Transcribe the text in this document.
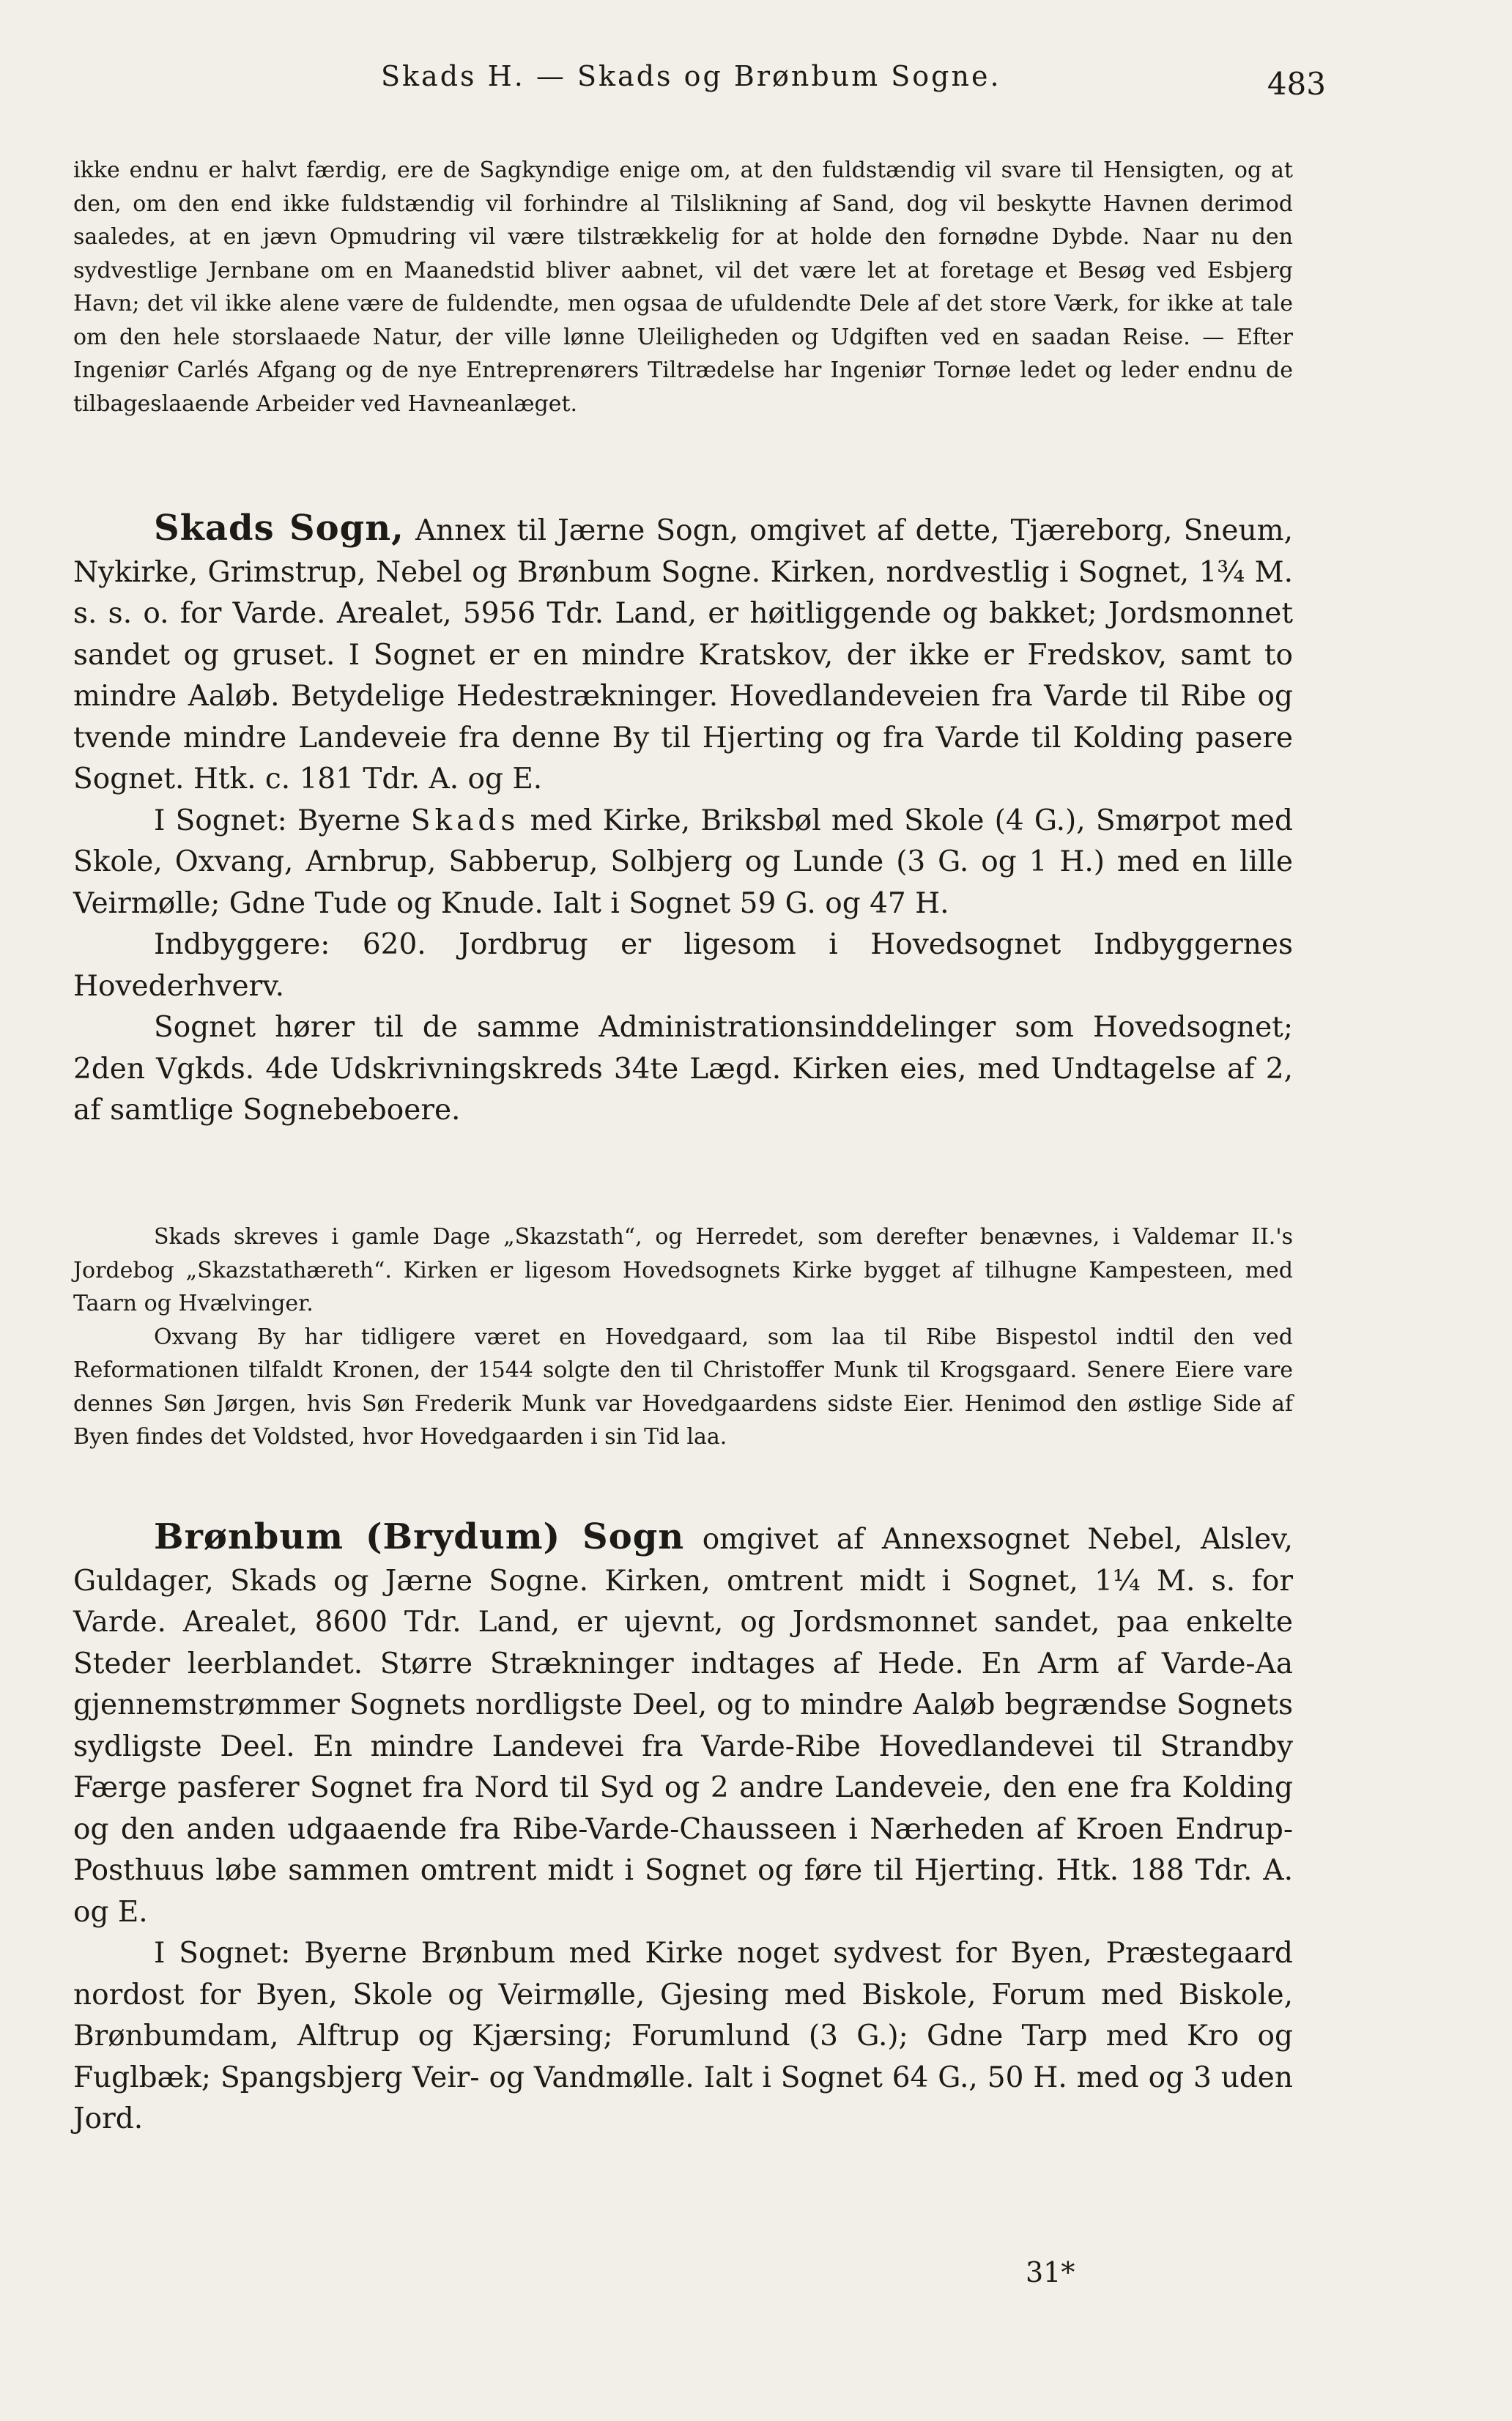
Skads H. — Skads og Brønbum Sogne.	483

ikke endnu er halvt færdig, ere de Sagkyndige enige om, at den fuldstændig vil svare til Hensigten, og at den, om den end ikke fuldstændig vil forhindre al Tilslikning af Sand, dog vil beskytte Havnen derimod saaledes, at en jævn Opmudring vil være tilstrækkelig for at holde den fornødne Dybde. Naar nu den sydvestlige Jernbane om en Maanedstid bliver aabnet, vil det være let at foretage et Besøg ved Esbjerg Havn; det vil ikke alene være de fuldendte, men ogsaa de ufuldendte Dele af det store Værk, for ikke at tale om den hele storslaaede Natur, der ville lønne Uleiligheden og Udgiften ved en saadan Reise. — Efter Ingeniør Carlés Afgang og de nye Entreprenørers Tiltrædelse har Ingeniør Tornøe ledet og leder endnu de tilbageslaaende Arbeider ved Havneanlæget.

Skads Sogn, Annex til Jærne Sogn, omgivet af dette, Tjæreborg, Sneum, Nykirke, Grimstrup, Nebel og Brønbum Sogne. Kirken, nordvestlig i Sognet, 1¾ M. s. s. o. for Varde. Arealet, 5956 Tdr. Land, er høitliggende og bakket; Jordsmonnet sandet og gruset. I Sognet er en mindre Kratskov, der ikke er Fredskov, samt to mindre Aaløb. Betydelige Hedestrækninger. Hovedlandeveien fra Varde til Ribe og tvende mindre Landeveie fra denne By til Hjerting og fra Varde til Kolding pasere Sognet. Htk. c. 181 Tdr. A. og E.

I Sognet: Byerne Skads med Kirke, Briksbøl med Skole (4 G.), Smørpot med Skole, Oxvang, Arnbrup, Sabberup, Solbjerg og Lunde (3 G. og 1 H.) med en lille Veirmølle; Gdne Tude og Knude. Ialt i Sognet 59 G. og 47 H.

Indbyggere: 620. Jordbrug er ligesom i Hovedsognet Indbyggernes Hovederhverv.

Sognet hører til de samme Administrationsinddelinger som Hovedsognet; 2den Vgkds. 4de Udskrivningskreds 34te Lægd. Kirken eies, med Undtagelse af 2, af samtlige Sognebeboere.

Skads skreves i gamle Dage „Skazstath“, og Herredet, som derefter benævnes, i Valdemar II.'s Jordebog „Skazstathæreth“. Kirken er ligesom Hovedsognets Kirke bygget af tilhugne Kampesteen, med Taarn og Hvælvinger.

Oxvang By har tidligere været en Hovedgaard, som laa til Ribe Bispestol indtil den ved Reformationen tilfaldt Kronen, der 1544 solgte den til Christoffer Munk til Krogsgaard. Senere Eiere vare dennes Søn Jørgen, hvis Søn Frederik Munk var Hovedgaardens sidste Eier. Henimod den østlige Side af Byen findes det Voldsted, hvor Hovedgaarden i sin Tid laa.

Brønbum (Brydum) Sogn omgivet af Annexsognet Nebel, Alslev, Guldager, Skads og Jærne Sogne. Kirken, omtrent midt i Sognet, 1¼ M. s. for Varde. Arealet, 8600 Tdr. Land, er ujevnt, og Jordsmonnet sandet, paa enkelte Steder leerblandet. Større Strækninger indtages af Hede. En Arm af Varde-Aa gjennemstrømmer Sognets nordligste Deel, og to mindre Aaløb begrændse Sognets sydligste Deel. En mindre Landevei fra Varde-Ribe Hovedlandevei til Strandby Færge pasferer Sognet fra Nord til Syd og 2 andre Landeveie, den ene fra Kolding og den anden udgaaende fra Ribe-Varde-Chausseen i Nærheden af Kroen Endrup-Posthuus løbe sammen omtrent midt i Sognet og føre til Hjerting. Htk. 188 Tdr. A. og E.

I Sognet: Byerne Brønbum med Kirke noget sydvest for Byen, Præstegaard nordost for Byen, Skole og Veirmølle, Gjesing med Biskole, Forum med Biskole, Brønbumdam, Alftrup og Kjærsing; Forumlund (3 G.); Gdne Tarp med Kro og Fuglbæk; Spangsbjerg Veir- og Vandmølle. Ialt i Sognet 64 G., 50 H. med og 3 uden Jord.

31*
